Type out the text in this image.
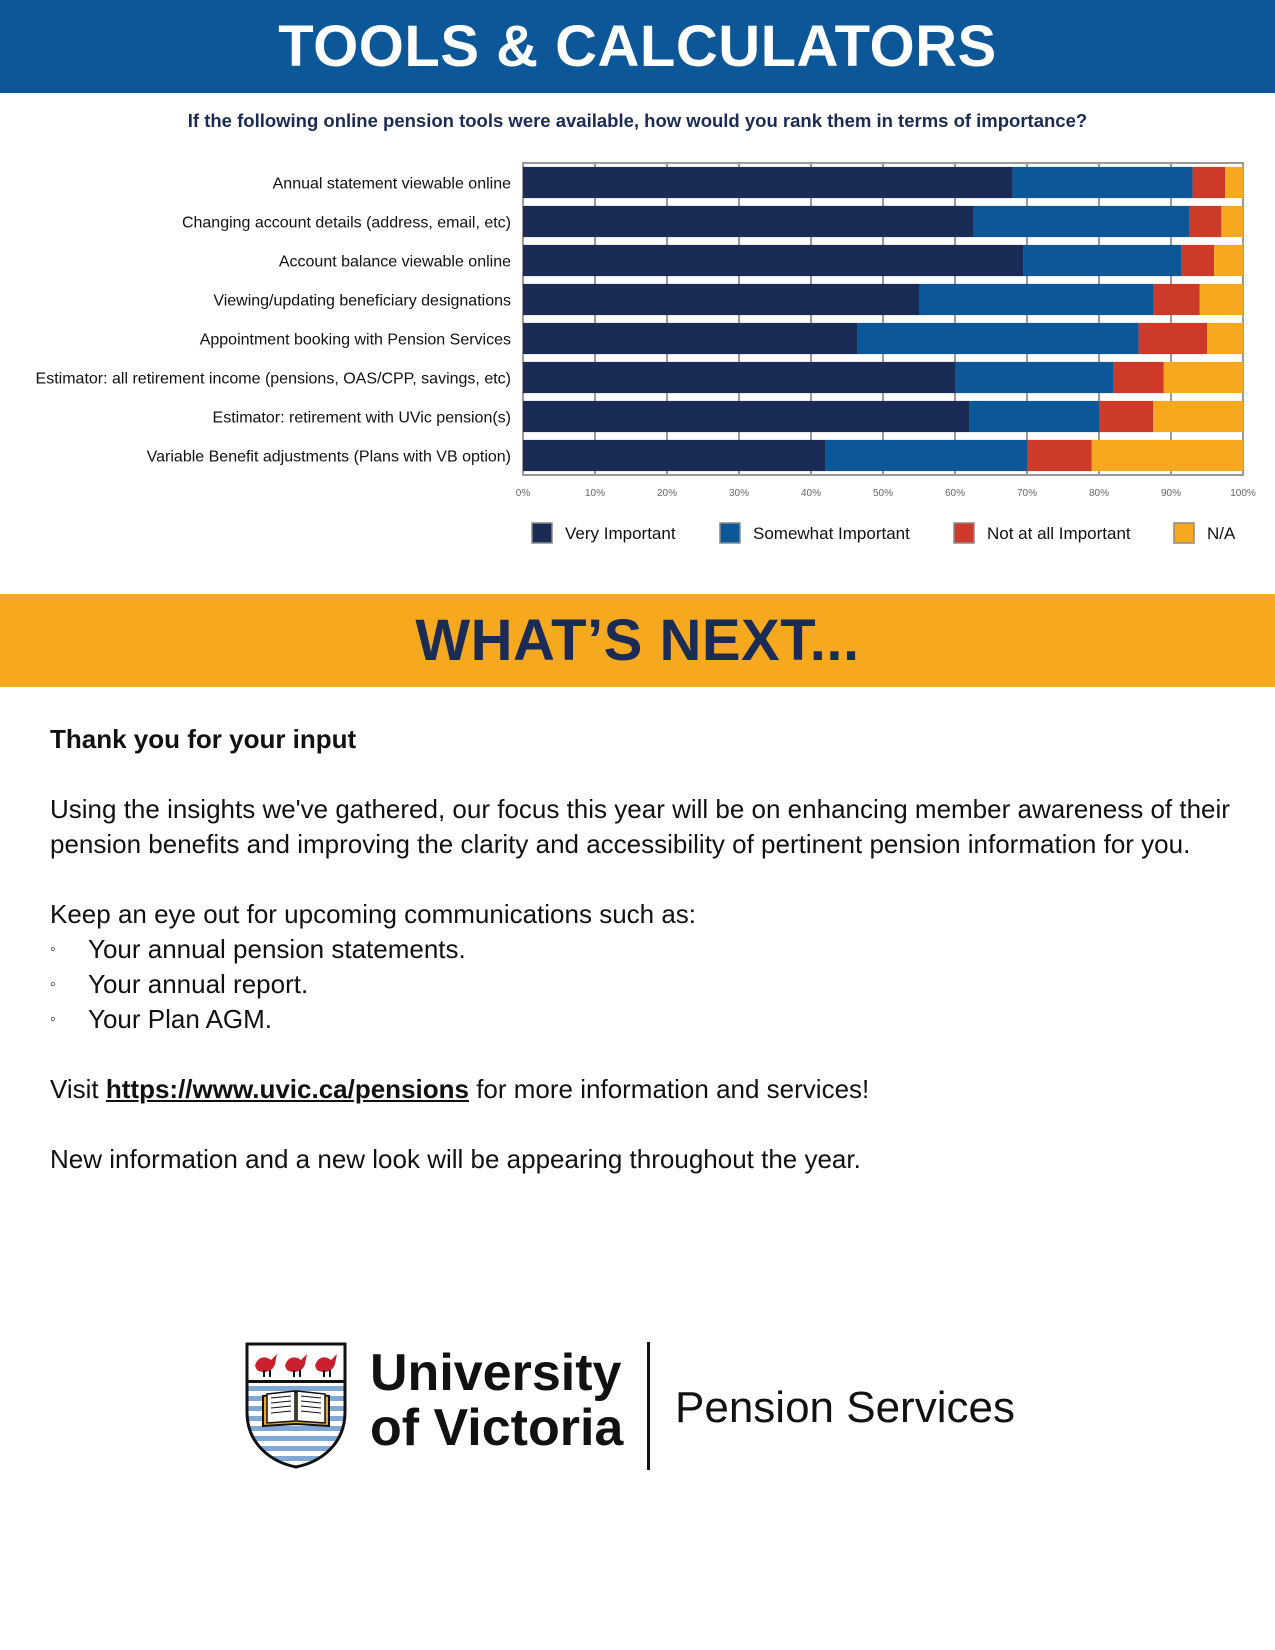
TOOLS & CALCULATORS
If the following online pension tools were available, how would you rank them in terms of importance?
0%	10%	20%	30%	40%	50%	60%	70%	80%	90%	100%
Annual statement viewable online
Changing account details (address, email, etc)
Account balance viewable online
Viewing/updating beneficiary designations
Appointment booking with Pension Services
Estimator: all retirement income (pensions, OAS/CPP, savings, etc)
Estimator: retirement with UVic pension(s)
Variable Benefit adjustments (Plans with VB option)
Very Important	Somewhat Important	Not at all Important	N/A
WHAT’S NEXT...

Thank you for your input

Using the insights we've gathered, our focus this year will be on enhancing member awareness of their pension benefits and improving the clarity and accessibility of pertinent pension information for you.

Keep an eye out for upcoming communications such as:

◦	Your annual pension statements.
◦	Your annual report.
◦	Your Plan AGM.

Visit https://www.uvic.ca/pensions for more information and services!

New information and a new look will be appearing throughout the year.

University
of Victoria Pension Services
